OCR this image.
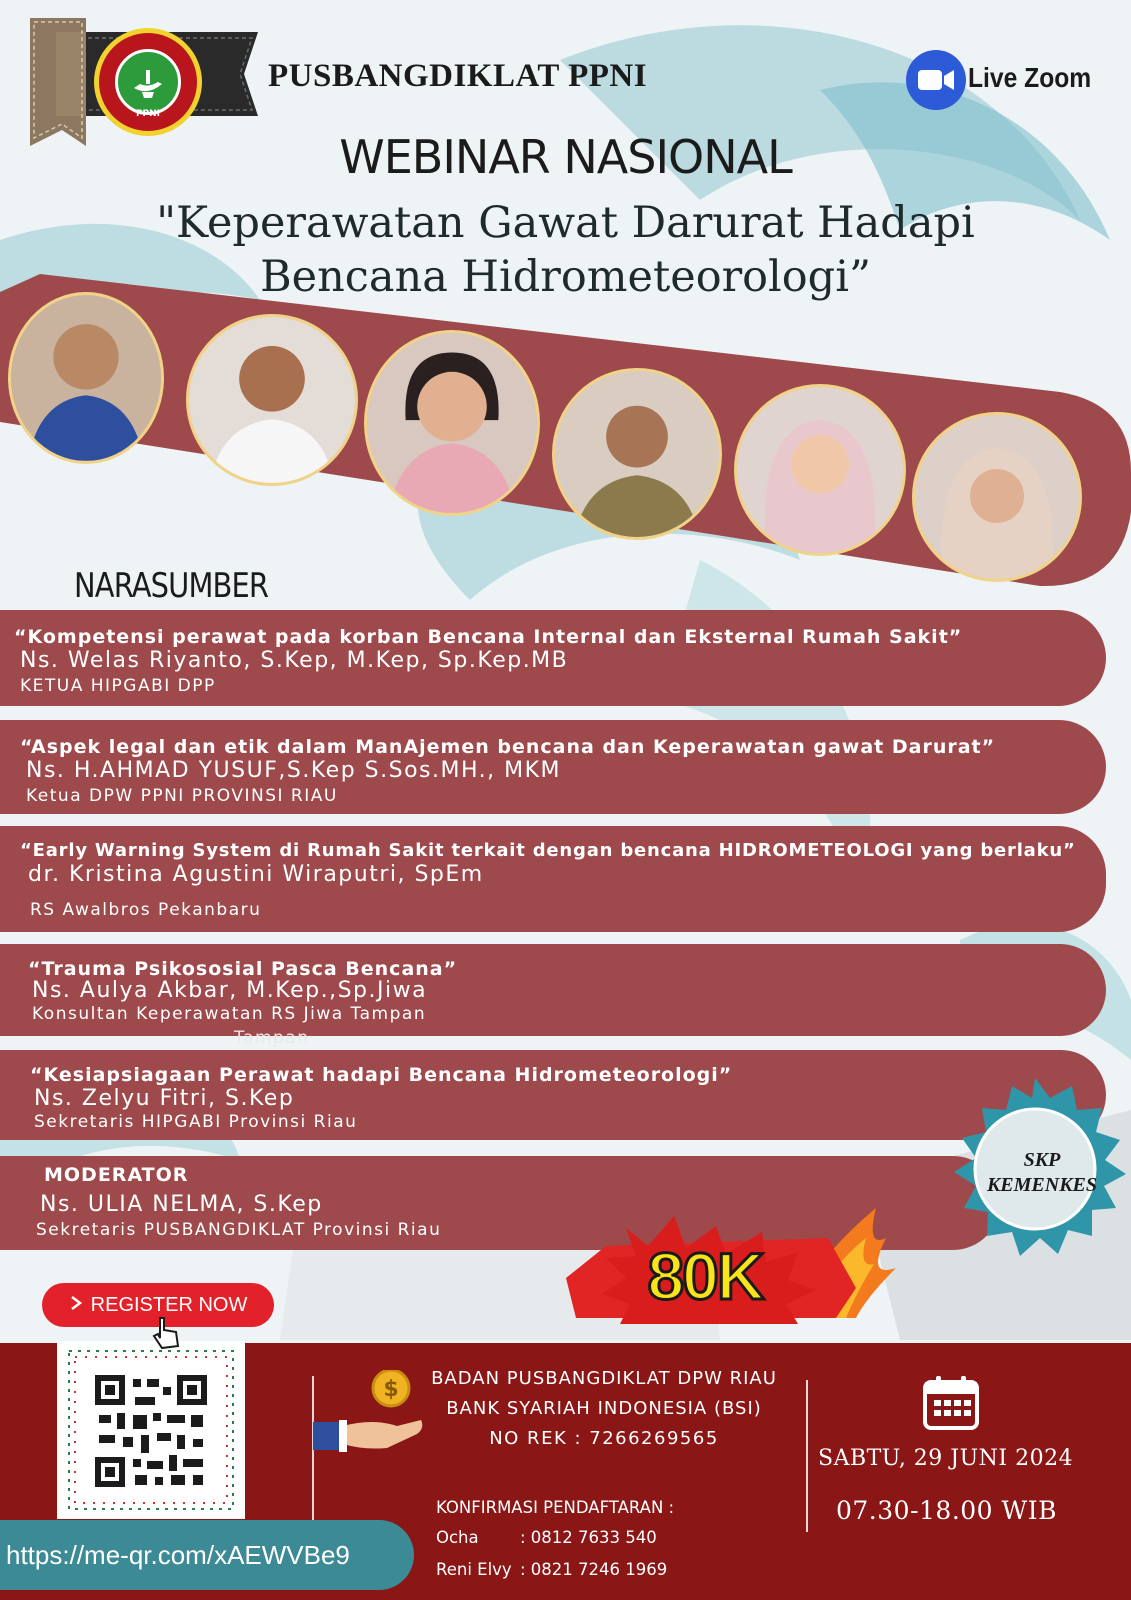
PPNI
PUSBANGDIKLAT PPNI	Live Zoom
WEBINAR NASIONAL
"Keperawatan Gawat Darurat Hadapi
Bencana Hidrometeorologi”
NARASUMBER
“Kompetensi perawat pada korban Bencana Internal dan Eksternal Rumah Sakit”
Ns. Welas Riyanto, S.Kep, M.Kep, Sp.Kep.MB
KETUA HIPGABI DPP
“Aspek legal dan etik dalam ManAjemen bencana dan Keperawatan gawat Darurat”
Ns. H.AHMAD YUSUF,S.Kep S.Sos.MH., MKM
Ketua DPW PPNI PROVINSI RIAU
“Early Warning System di Rumah Sakit terkait dengan bencana HIDROMETEOLOGI yang berlaku”
dr. Kristina Agustini Wiraputri, SpEm
RS Awalbros Pekanbaru
“Trauma Psikososial Pasca Bencana”
Ns. Aulya Akbar, M.Kep.,Sp.Jiwa
Konsultan Keperawatan RS Jiwa Tampan
Tampan
“Kesiapsiagaan Perawat hadapi Bencana Hidrometeorologi”
Ns. Zelyu Fitri, S.Kep
Sekretaris HIPGABI Provinsi Riau
MODERATOR
Ns. ULIA NELMA, S.Kep
Sekretaris PUSBANGDIKLAT Provinsi Riau
SKP
KEMENKES
80K
REGISTER NOW
https://me-qr.com/xAEWVBe9
$	BADAN PUSBANGDIKLAT DPW RIAU
BANK SYARIAH INDONESIA (BSI)
NO REK : 7266269565
KONFIRMASI PENDAFTARAN :
Ocha	: 0812 7633 540
Reni Elvy : 0821 7246 1969
SABTU, 29 JUNI 2024
07.30-18.00 WIB
